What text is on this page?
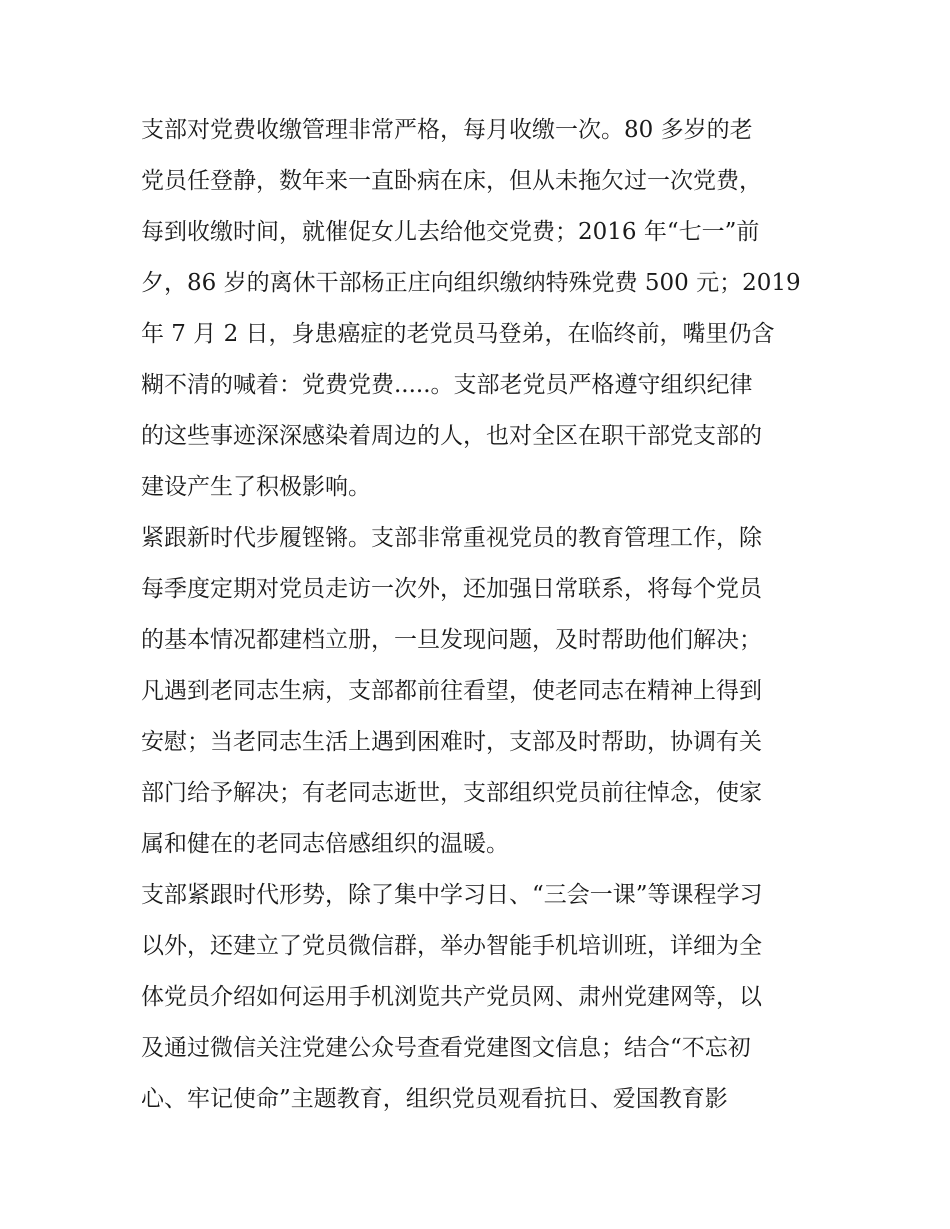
支部对党费收缴管理非常严格，每月收缴一次。80 多岁的老
党员任登静，数年来一直卧病在床，但从未拖欠过一次党费，
每到收缴时间，就催促女儿去给他交党费；2016 年“七一”前
夕，86 岁的离休干部杨正庄向组织缴纳特殊党费 500 元；2019
年 7 月 2 日，身患癌症的老党员马登弟，在临终前，嘴里仍含
糊不清的喊着：党费党费.....。支部老党员严格遵守组织纪律
的这些事迹深深感染着周边的人，也对全区在职干部党支部的
建设产生了积极影响。
紧跟新时代步履铿锵。支部非常重视党员的教育管理工作，除
每季度定期对党员走访一次外，还加强日常联系，将每个党员
的基本情况都建档立册，一旦发现问题，及时帮助他们解决；
凡遇到老同志生病，支部都前往看望，使老同志在精神上得到
安慰；当老同志生活上遇到困难时，支部及时帮助，协调有关
部门给予解决；有老同志逝世，支部组织党员前往悼念，使家
属和健在的老同志倍感组织的温暖。
支部紧跟时代形势，除了集中学习日、“三会一课”等课程学习
以外，还建立了党员微信群，举办智能手机培训班，详细为全
体党员介绍如何运用手机浏览共产党员网、肃州党建网等，以
及通过微信关注党建公众号查看党建图文信息；结合“不忘初
心、牢记使命”主题教育，组织党员观看抗日、爱国教育影
